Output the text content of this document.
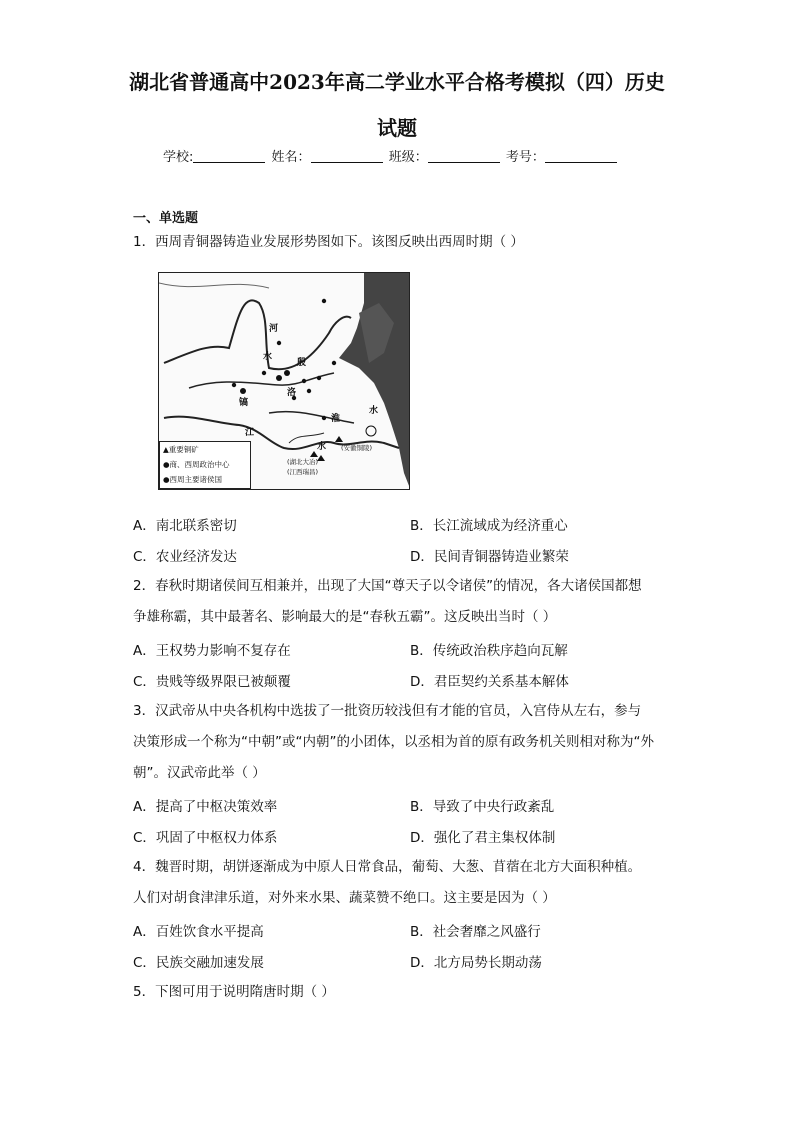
湖北省普通高中2023年高二学业水平合格考模拟（四）历史
试题
学校:	姓名：	班级：	考号：
一、单选题
1．西周青铜器铸造业发展形势图如下。该图反映出西周时期（ ）
河
水
殷
洛
镐
淮
水
江
水 (安徽铜陵)
(湖北大冶)
(江西瑞昌)
▲重要铜矿
●商、西周政治中心
●西周主要诸侯国
A．南北联系密切	B．长江流域成为经济重心
C．农业经济发达	D．民间青铜器铸造业繁荣
2．春秋时期诸侯间互相兼并，出现了大国“尊天子以令诸侯”的情况，各大诸侯国都想
争雄称霸，其中最著名、影响最大的是“春秋五霸”。这反映出当时（ ）
A．王权势力影响不复存在	B．传统政治秩序趋向瓦解
C．贵贱等级界限已被颠覆	D．君臣契约关系基本解体
3．汉武帝从中央各机构中选拔了一批资历较浅但有才能的官员，入宫侍从左右，参与
决策形成一个称为“中朝”或“内朝”的小团体，以丞相为首的原有政务机关则相对称为“外
朝”。汉武帝此举（ ）
A．提高了中枢决策效率	B．导致了中央行政紊乱
C．巩固了中枢权力体系	D．强化了君主集权体制
4．魏晋时期，胡饼逐渐成为中原人日常食品，葡萄、大葱、苜蓿在北方大面积种植。
人们对胡食津津乐道，对外来水果、蔬菜赞不绝口。这主要是因为（ ）
A．百姓饮食水平提高	B．社会奢靡之风盛行
C．民族交融加速发展	D．北方局势长期动荡
5．下图可用于说明隋唐时期（ ）
